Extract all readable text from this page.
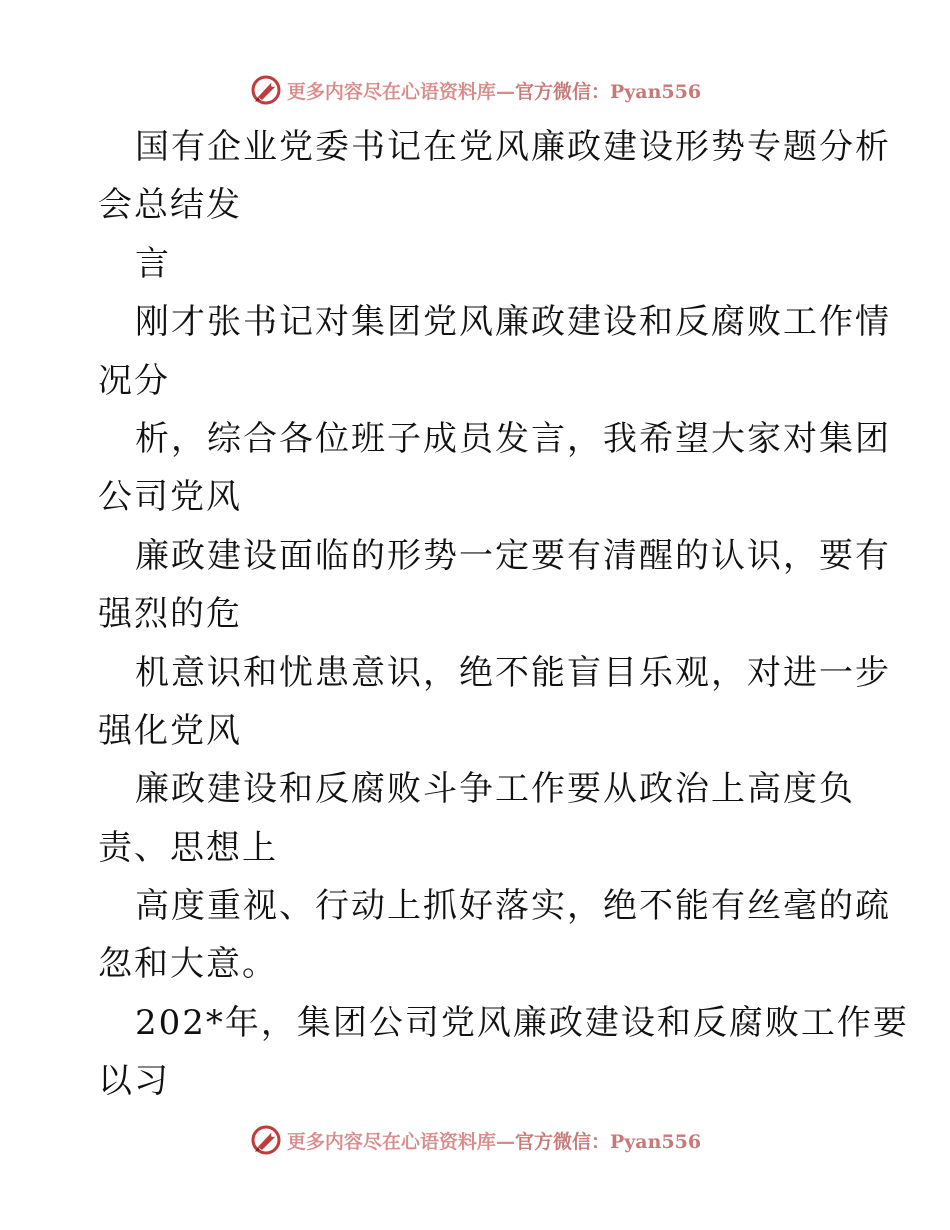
更多内容尽在心语资料库—官方微信：Pyan556
国有企业党委书记在党风廉政建设形势专题分析
会总结发
言
刚才张书记对集团党风廉政建设和反腐败工作情
况分
析，综合各位班子成员发言，我希望大家对集团
公司党风
廉政建设面临的形势一定要有清醒的认识，要有
强烈的危
机意识和忧患意识，绝不能盲目乐观，对进一步
强化党风
廉政建设和反腐败斗争工作要从政治上高度负
责、思想上
高度重视、行动上抓好落实，绝不能有丝毫的疏
忽和大意。
202*年，集团公司党风廉政建设和反腐败工作要
以习
更多内容尽在心语资料库—官方微信：Pyan556
